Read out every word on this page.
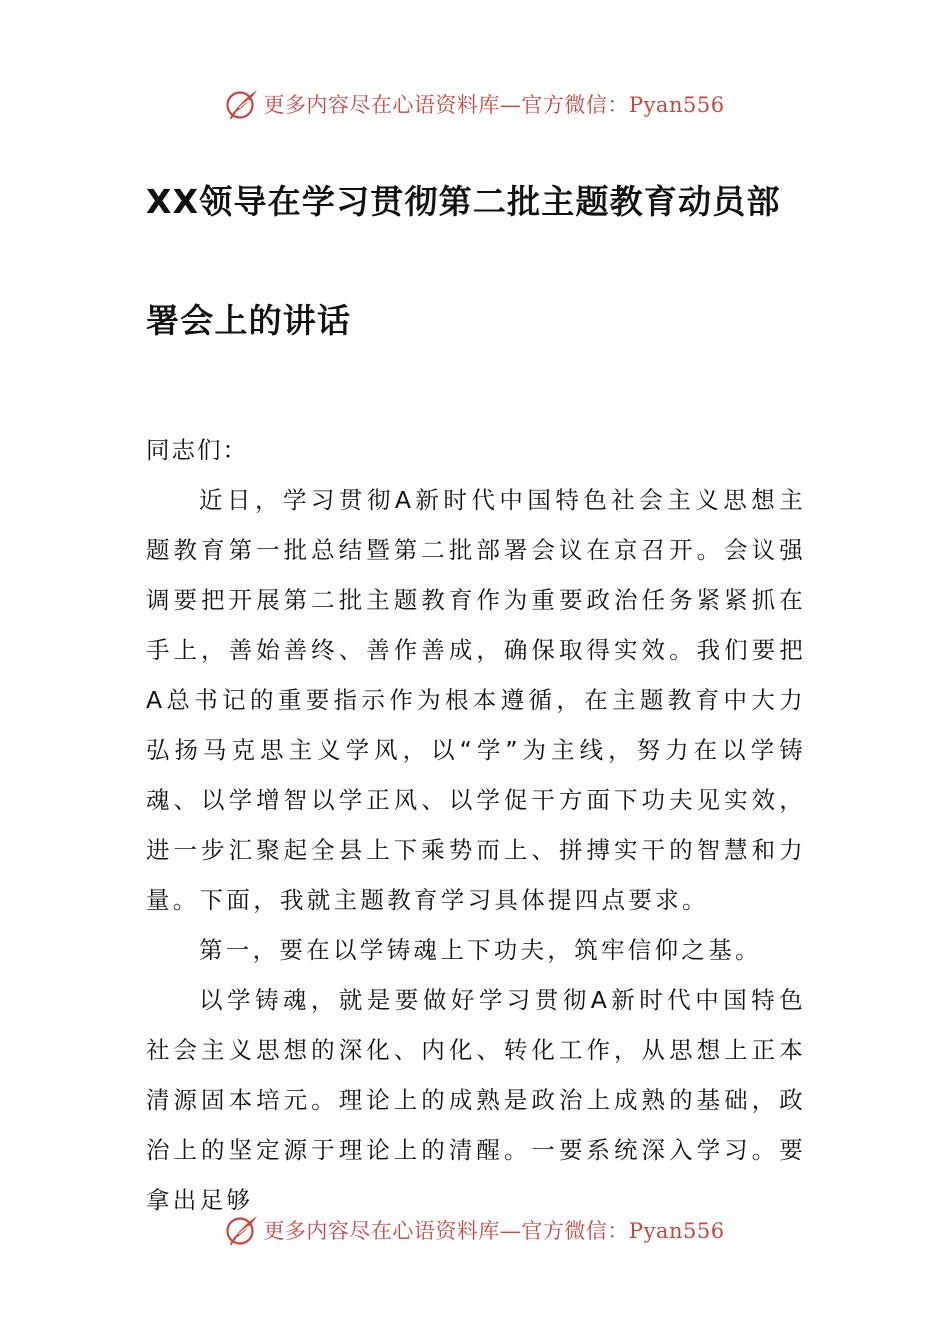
更多内容尽在心语资料库—官方微信：Pyan556
XX领导在学习贯彻第二批主题教育动员部
署会上的讲话

同志们：

近日，学习贯彻A新时代中国特色社会主义思想主题教育第一批总结暨第二批部署会议在京召开。会议强调要把开展第二批主题教育作为重要政治任务紧紧抓在手上，善始善终、善作善成，确保取得实效。我们要把A总书记的重要指示作为根本遵循，在主题教育中大力弘扬马克思主义学风，以“学”为主线，努力在以学铸魂、以学增智以学正风、以学促干方面下功夫见实效，进一步汇聚起全县上下乘势而上、拼搏实干的智慧和力量。下面，我就主题教育学习具体提四点要求。

第一，要在以学铸魂上下功夫，筑牢信仰之基。

以学铸魂，就是要做好学习贯彻A新时代中国特色社会主义思想的深化、内化、转化工作，从思想上正本清源固本培元。理论上的成熟是政治上成熟的基础，政治上的坚定源于理论上的清醒。一要系统深入学习。要拿出足够

更多内容尽在心语资料库—官方微信：Pyan556
